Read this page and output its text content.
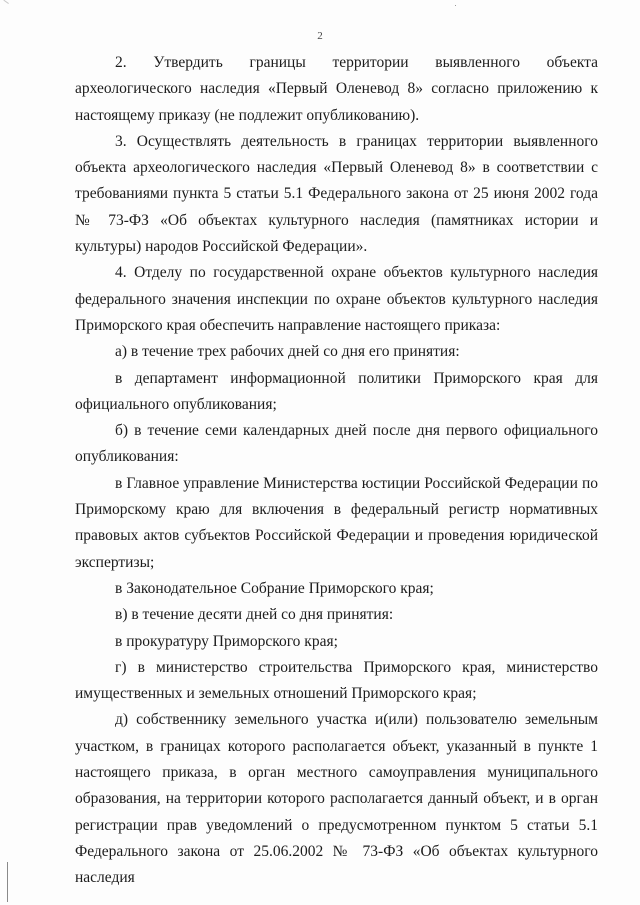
2

2. Утвердить границы территории выявленного объекта археологического наследия «Первый Оленевод 8» согласно приложению к настоящему приказу (не подлежит опубликованию).

3. Осуществлять деятельность в границах территории выявленного объекта археологического наследия «Первый Оленевод 8» в соответствии с требованиями пункта 5 статьи 5.1 Федерального закона от 25 июня 2002 года № 73-ФЗ «Об объектах культурного наследия (памятниках истории и культуры) народов Российской Федерации».

4. Отделу по государственной охране объектов культурного наследия федерального значения инспекции по охране объектов культурного наследия Приморского края обеспечить направление настоящего приказа:

а) в течение трех рабочих дней со дня его принятия:

в департамент информационной политики Приморского края для официального опубликования;

б) в течение семи календарных дней после дня первого официального опубликования:

в Главное управление Министерства юстиции Российской Федерации по Приморскому краю для включения в федеральный регистр нормативных правовых актов субъектов Российской Федерации и проведения юридической экспертизы;

в Законодательное Собрание Приморского края;

в) в течение десяти дней со дня принятия:

в прокуратуру Приморского края;

г) в министерство строительства Приморского края, министерство имущественных и земельных отношений Приморского края;

д) собственнику земельного участка и(или) пользователю земельным участком, в границах которого располагается объект, указанный в пункте 1 настоящего приказа, в орган местного самоуправления муниципального образования, на территории которого располагается данный объект, и в орган регистрации прав уведомлений о предусмотренном пунктом 5 статьи 5.1 Федерального закона от 25.06.2002 № 73-ФЗ «Об объектах культурного наследия
